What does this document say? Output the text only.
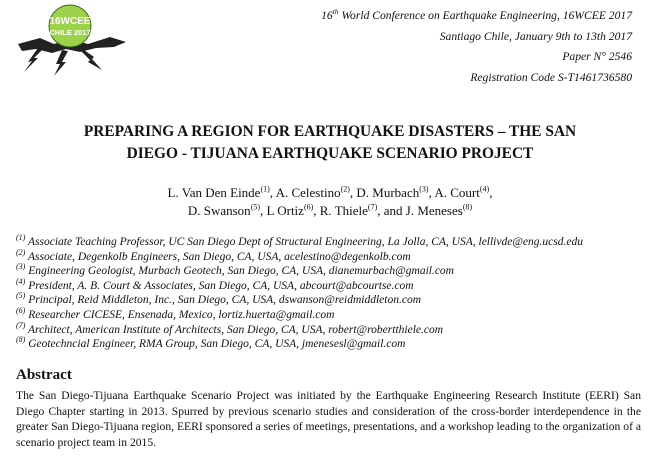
16WCEE
CHILE 2017
16th World Conference on Earthquake Engineering, 16WCEE 2017
Santiago Chile, January 9th to 13th 2017
Paper N° 2546
Registration Code S-T1461736580
PREPARING A REGION FOR EARTHQUAKE DISASTERS – THE SAN
DIEGO - TIJUANA EARTHQUAKE SCENARIO PROJECT
L. Van Den Einde$^{(1)}$, A. Celestino$^{(2)}$, D. Murbach$^{(3)}$, A. Court$^{(4)}$,
D. Swanson$^{(5)}$, L Ortiz$^{(6)}$, R. Thiele$^{(7)}$, and J. Meneses$^{(8)}$
$^{(1)}$ Associate Teaching Professor, UC San Diego Dept of Structural Engineering, La Jolla, CA, USA, lellivde@eng.ucsd.edu
$^{(2)}$ Associate, Degenkolb Engineers, San Diego, CA, USA, acelestino@degenkolb.com
$^{(3)}$ Engineering Geologist, Murbach Geotech, San Diego, CA, USA, dianemurbach@gmail.com
$^{(4)}$ President, A. B. Court & Associates, San Diego, CA, USA, abcourt@abcourtse.com
$^{(5)}$ Principal, Reid Middleton, Inc., San Diego, CA, USA, dswanson@reidmiddleton.com
$^{(6)}$ Researcher CICESE, Ensenada, Mexico, lortiz.huerta@gmail.com
$^{(7)}$ Architect, American Institute of Architects, San Diego, CA, USA, robert@robertthiele.com
$^{(8)}$ Geotechncial Engineer, RMA Group, San Diego, CA, USA, jmenesesl@gmail.com
Abstract
The San Diego-Tijuana Earthquake Scenario Project was initiated by the Earthquake Engineering Research Institute (EERI) San Diego Chapter starting in 2013. Spurred by previous scenario studies and consideration of the cross-border interdependence in the greater San Diego-Tijuana region, EERI sponsored a series of meetings, presentations, and a workshop leading to the organization of a scenario project team in 2015.
